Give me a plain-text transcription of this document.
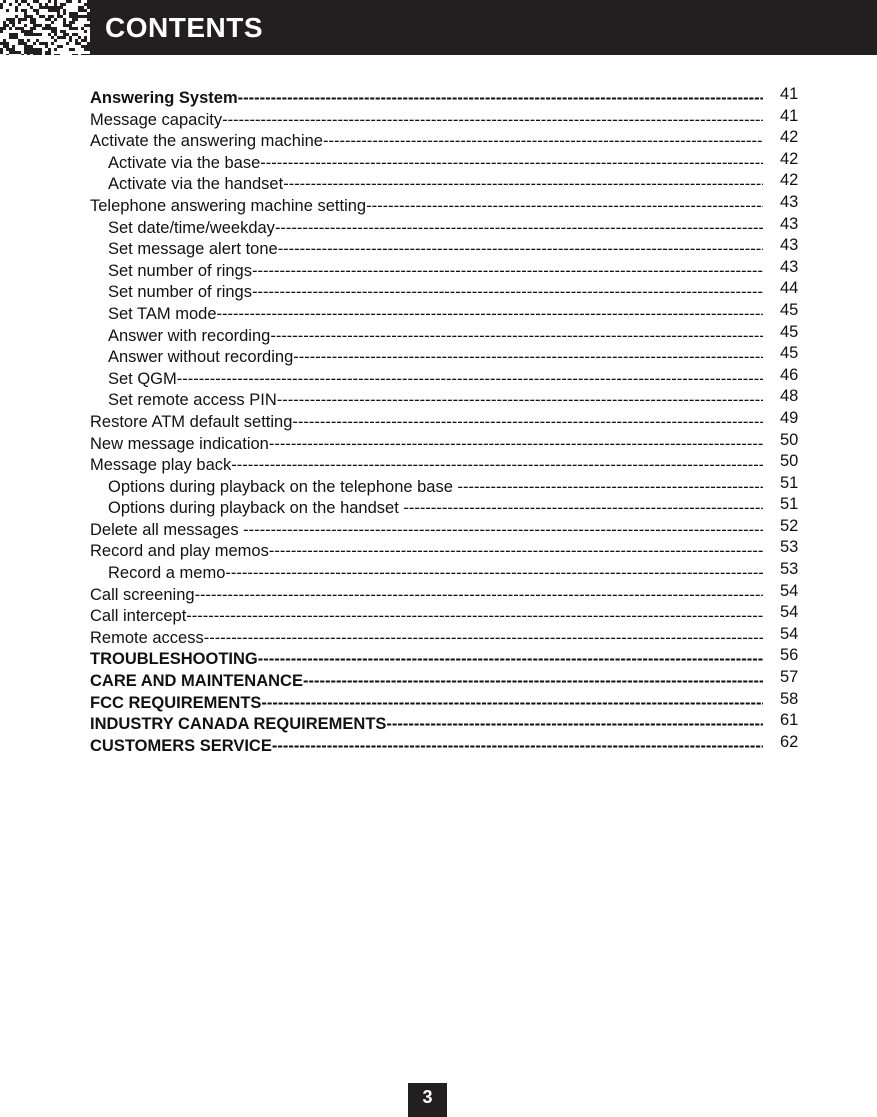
CONTENTS
Answering System -----	41
Message capacity -----	41
Activate the answering machine -----	42
Activate via the base -----	42
Activate via the handset -----	42
Telephone answering machine setting -----	43
Set date/time/weekday -----	43
Set message alert tone -----	43
Set number of rings -----	43
Set number of rings -----	44
Set TAM mode -----	45
Answer with recording -----	45
Answer without recording -----	45
Set QGM -----	46
Set remote access PIN -----	48
Restore ATM default setting -----	49
New message indication -----	50
Message play back -----	50
Options during playback on the telephone base -----	51
Options during playback on the handset -----	51
Delete all messages -----	52
Record and play memos -----	53
Record a memo -----	53
Call screening -----	54
Call intercept -----	54
Remote access -----	54
TROUBLESHOOTING -----	56
CARE AND MAINTENANCE -----	57
FCC REQUIREMENTS -----	58
INDUSTRY CANADA REQUIREMENTS -----	61
CUSTOMERS SERVICE -----	62
3
